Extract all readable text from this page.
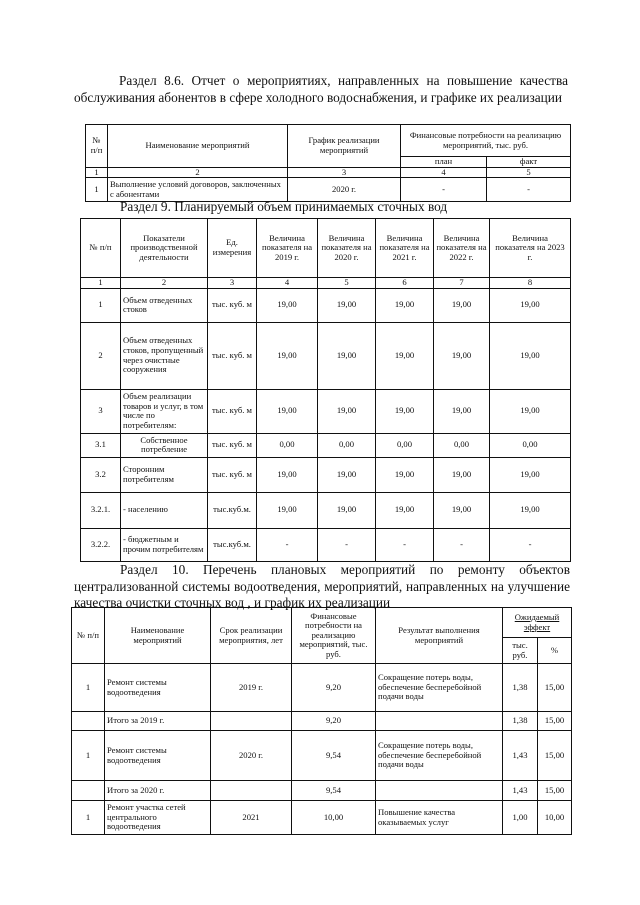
Раздел 8.6. Отчет о мероприятиях, направленных на повышение качества обслуживания абонентов в сфере холодного водоснабжения, и графике их реализации
№ п/п	Наименование мероприятий	График реализации мероприятий	Финансовые потребности на реализацию мероприятий, тыс. руб.	
			план	факт
1	2	3	4	5
1	Выполнение условий договоров, заключенных с абонентами	2020 г.	-	-
Раздел 9. Планируемый объем принимаемых сточных вод
№ п/п	Показатели производственной деятельности	Ед. измерения	Величина показателя на 2019 г.	Величина показателя на 2020 г.	Величина показателя на 2021 г.	Величина показателя на 2022 г.	Величина показателя на 2023 г.
1	2	3	4	5	6	7	8
1	Объем отведенных стоков	тыс. куб. м	19,00	19,00	19,00	19,00	19,00
2	Объем отведенных стоков, пропущенный через очистные сооружения	тыс. куб. м	19,00	19,00	19,00	19,00	19,00
3	Объем реализации товаров и услуг, в том числе по потребителям:	тыс. куб. м	19,00	19,00	19,00	19,00	19,00
3.1	Собственное потребление	тыс. куб. м	0,00	0,00	0,00	0,00	0,00
3.2	Сторонним потребителям	тыс. куб. м	19,00	19,00	19,00	19,00	19,00
3.2.1.	- населению	тыс.куб.м.	19,00	19,00	19,00	19,00	19,00
3.2.2.	- бюджетным и прочим потребителям	тыс.куб.м.	-	-	-	-	-
Раздел 10. Перечень плановых мероприятий по ремонту объектов централизованной системы водоотведения, мероприятий, направленных на улучшение качества очистки сточных вод , и график их реализации
№ п/п	Наименование мероприятий	Срок реализации мероприятия, лет	Финансовые потребности на реализацию мероприятий, тыс. руб.	Результат выполнения мероприятий	Ожидаемый эффект	
					тыс. руб.	%
1	Ремонт системы водоотведения	2019 г.	9,20	Сокращение потерь воды, обеспечение бесперебойной подачи воды	1,38	15,00
	Итого за 2019 г.		9,20		1,38	15,00
1	Ремонт системы водоотведения	2020 г.	9,54	Сокращение потерь воды, обеспечение бесперебойной подачи воды	1,43	15,00
	Итого за 2020 г.		9,54		1,43	15,00
1	Ремонт участка сетей центрального водоотведения	2021	10,00	Повышение качества оказываемых услуг	1,00	10,00
